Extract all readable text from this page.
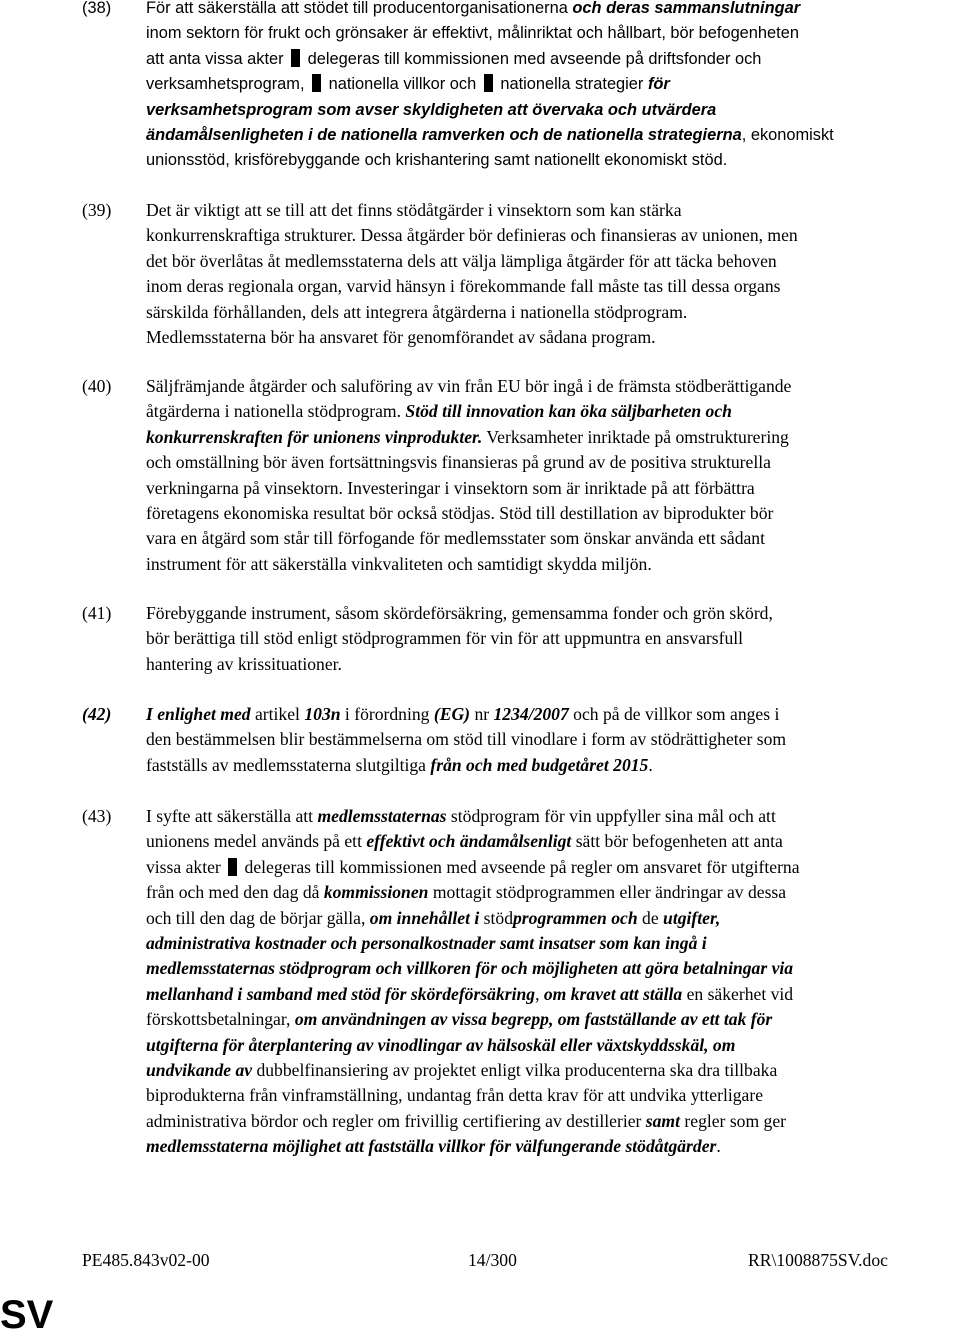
(38) För att säkerställa att stödet till producentorganisationerna och deras sammanslutningar
inom sektorn för frukt och grönsaker är effektivt, målinriktat och hållbart, bör befogenheten
att anta vissa akter  delegeras till kommissionen med avseende på driftsfonder och
verksamhetsprogram,  nationella villkor och  nationella strategier för
verksamhetsprogram som avser skyldigheten att övervaka och utvärdera
ändamålsenligheten i de nationella ramverken och de nationella strategierna, ekonomiskt
unionsstöd, krisförebyggande och krishantering samt nationellt ekonomiskt stöd.
(39) Det är viktigt att se till att det finns stödåtgärder i vinsektorn som kan stärka
konkurrenskraftiga strukturer. Dessa åtgärder bör definieras och finansieras av unionen, men
det bör överlåtas åt medlemsstaterna dels att välja lämpliga åtgärder för att täcka behoven
inom deras regionala organ, varvid hänsyn i förekommande fall måste tas till dessa organs
särskilda förhållanden, dels att integrera åtgärderna i nationella stödprogram.
Medlemsstaterna bör ha ansvaret för genomförandet av sådana program.
(40) Säljfrämjande åtgärder och saluföring av vin från EU bör ingå i de främsta stödberättigande
åtgärderna i nationella stödprogram. Stöd till innovation kan öka säljbarheten och
konkurrenskraften för unionens vinprodukter. Verksamheter inriktade på omstrukturering
och omställning bör även fortsättningsvis finansieras på grund av de positiva strukturella
verkningarna på vinsektorn. Investeringar i vinsektorn som är inriktade på att förbättra
företagens ekonomiska resultat bör också stödjas. Stöd till destillation av biprodukter bör
vara en åtgärd som står till förfogande för medlemsstater som önskar använda ett sådant
instrument för att säkerställa vinkvaliteten och samtidigt skydda miljön.
(41) Förebyggande instrument, såsom skördeförsäkring, gemensamma fonder och grön skörd,
bör berättiga till stöd enligt stödprogrammen för vin för att uppmuntra en ansvarsfull
hantering av krissituationer.
(42) I enlighet med artikel 103n i förordning (EG) nr 1234/2007 och på de villkor som anges i
den bestämmelsen blir bestämmelserna om stöd till vinodlare i form av stödrättigheter som
fastställs av medlemsstaterna slutgiltiga från och med budgetåret 2015.
(43) I syfte att säkerställa att medlemsstaternas stödprogram för vin uppfyller sina mål och att
unionens medel används på ett effektivt och ändamålsenligt sätt bör befogenheten att anta
vissa akter  delegeras till kommissionen med avseende på regler om ansvaret för utgifterna
från och med den dag då kommissionen mottagit stödprogrammen eller ändringar av dessa
och till den dag de börjar gälla, om innehållet i stödprogrammen och de utgifter,
administrativa kostnader och personalkostnader samt insatser som kan ingå i
medlemsstaternas stödprogram och villkoren för och möjligheten att göra betalningar via
mellanhand i samband med stöd för skördeförsäkring, om kravet att ställa en säkerhet vid
förskottsbetalningar, om användningen av vissa begrepp, om fastställande av ett tak för
utgifterna för återplantering av vinodlingar av hälsoskäl eller växtskyddsskäl, om
undvikande av dubbelfinansiering av projektet enligt vilka producenterna ska dra tillbaka
biprodukterna från vinframställning, undantag från detta krav för att undvika ytterligare
administrativa bördor och regler om frivillig certifiering av destillerier samt regler som ger
medlemsstaterna möjlighet att fastställa villkor för välfungerande stödåtgärder.
PE485.843v02-00	14/300	RR\1008875SV.doc
SV
